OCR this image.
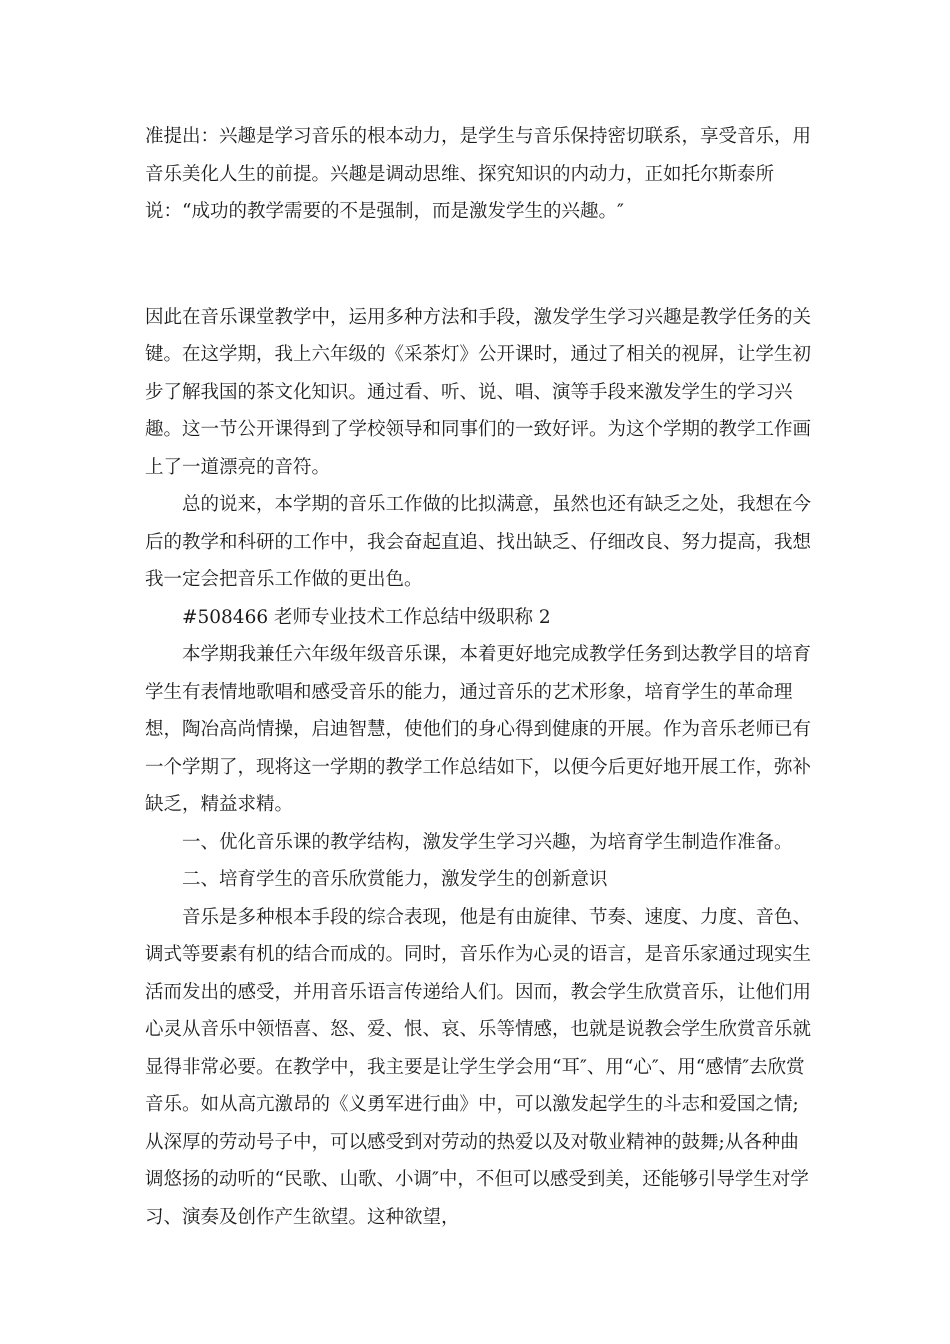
准提出：兴趣是学习音乐的根本动力，是学生与音乐保持密切联系，享受音乐，用音乐美化人生的前提。兴趣是调动思维、探究知识的内动力，正如托尔斯泰所说：“成功的教学需要的不是强制，而是激发学生的兴趣。″

因此在音乐课堂教学中，运用多种方法和手段，激发学生学习兴趣是教学任务的关键。在这学期，我上六年级的《采茶灯》公开课时，通过了相关的视屏，让学生初步了解我国的茶文化知识。通过看、听、说、唱、演等手段来激发学生的学习兴趣。这一节公开课得到了学校领导和同事们的一致好评。为这个学期的教学工作画上了一道漂亮的音符。

总的说来，本学期的音乐工作做的比拟满意，虽然也还有缺乏之处，我想在今后的教学和科研的工作中，我会奋起直追、找出缺乏、仔细改良、努力提高，我想我一定会把音乐工作做的更出色。

#508466 老师专业技术工作总结中级职称 2

本学期我兼任六年级年级音乐课，本着更好地完成教学任务到达教学目的培育学生有表情地歌唱和感受音乐的能力，通过音乐的艺术形象，培育学生的革命理想，陶冶高尚情操，启迪智慧，使他们的身心得到健康的开展。作为音乐老师已有一个学期了，现将这一学期的教学工作总结如下，以便今后更好地开展工作，弥补缺乏，精益求精。

一、优化音乐课的教学结构，激发学生学习兴趣，为培育学生制造作准备。

二、培育学生的音乐欣赏能力，激发学生的创新意识

音乐是多种根本手段的综合表现，他是有由旋律、节奏、速度、力度、音色、调式等要素有机的结合而成的。同时，音乐作为心灵的语言，是音乐家通过现实生活而发出的感受，并用音乐语言传递给人们。因而，教会学生欣赏音乐，让他们用心灵从音乐中领悟喜、怒、爱、恨、哀、乐等情感，也就是说教会学生欣赏音乐就显得非常必要。在教学中，我主要是让学生学会用“耳″、用“心″、用“感情″去欣赏音乐。如从高亢激昂的《义勇军进行曲》中，可以激发起学生的斗志和爱国之情;从深厚的劳动号子中，可以感受到对劳动的热爱以及对敬业精神的鼓舞;从各种曲调悠扬的动听的“民歌、山歌、小调″中，不但可以感受到美，还能够引导学生对学习、演奏及创作产生欲望。这种欲望，
